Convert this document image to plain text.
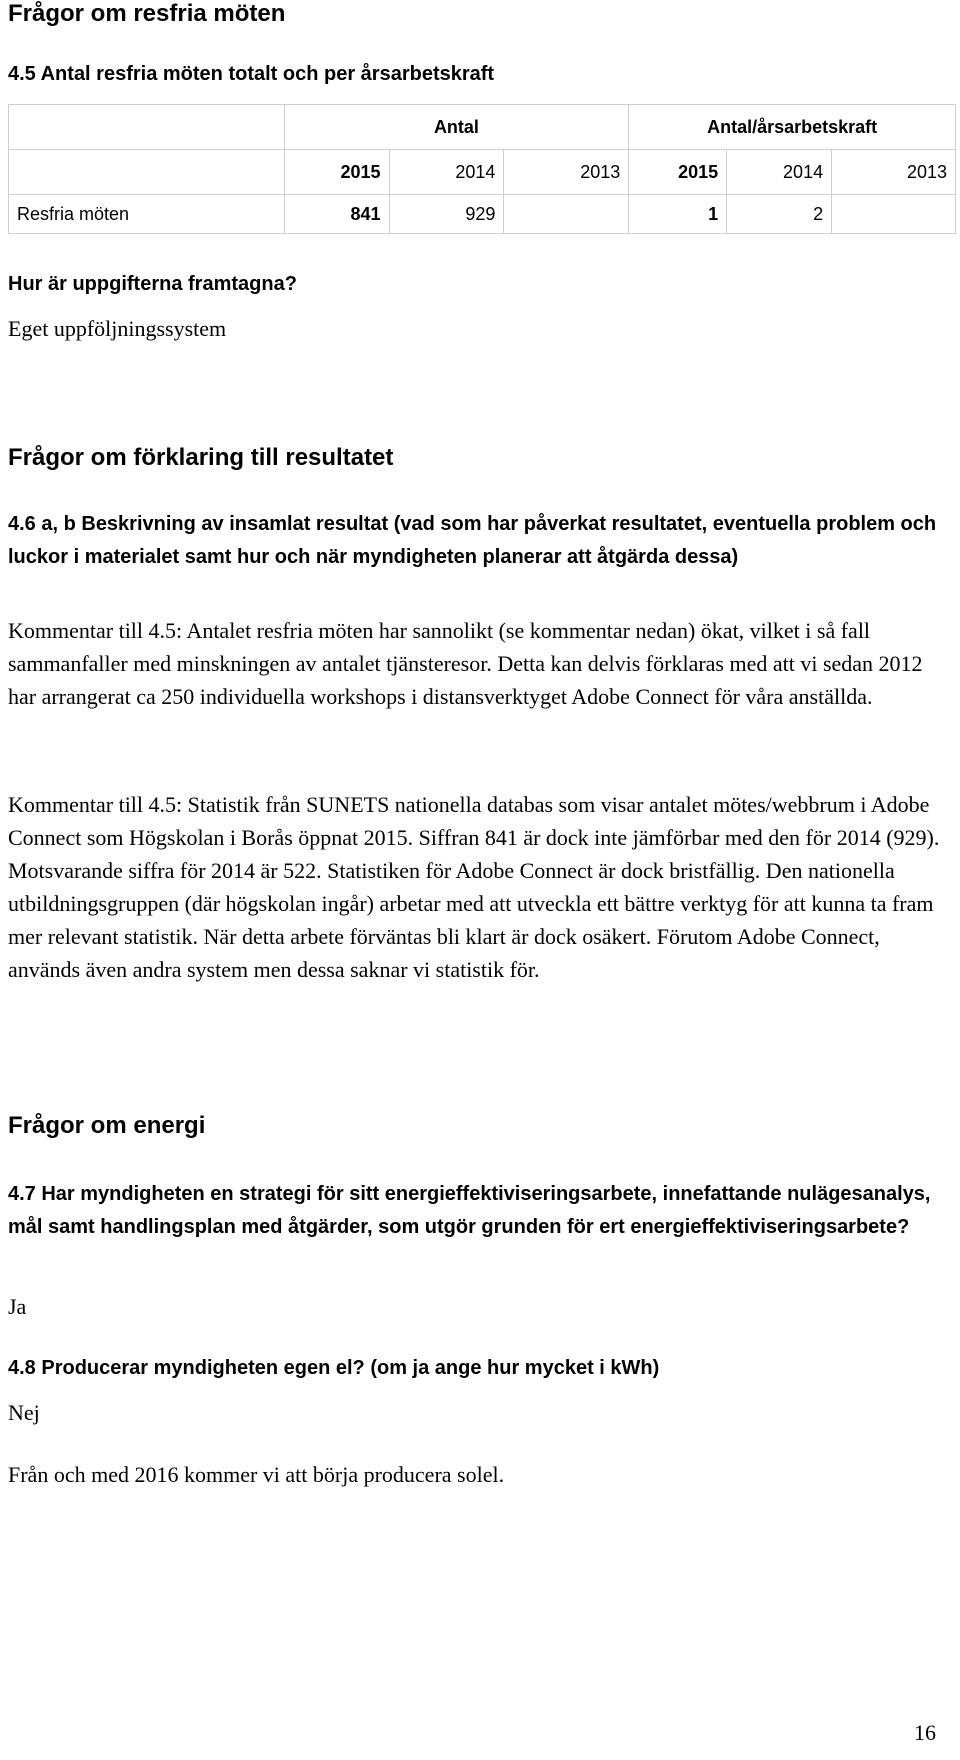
Frågor om resfria möten
4.5 Antal resfria möten totalt och per årsarbetskraft
	Antal			Antal/årsarbetskraft		
	2015	2014	2013	2015	2014	2013
Resfria möten	841	929		1	2	
Hur är uppgifterna framtagna?

Eget uppföljningssystem

Frågor om förklaring till resultatet
4.6 a, b Beskrivning av insamlat resultat (vad som har påverkat resultatet, eventuella problem och luckor i materialet samt hur och när myndigheten planerar att åtgärda dessa)

Kommentar till 4.5: Antalet resfria möten har sannolikt (se kommentar nedan) ökat, vilket i så fall sammanfaller med minskningen av antalet tjänsteresor. Detta kan delvis förklaras med att vi sedan 2012 har arrangerat ca 250 individuella workshops i distansverktyget Adobe Connect för våra anställda.

Kommentar till 4.5: Statistik från SUNETS nationella databas som visar antalet mötes/webbrum i Adobe Connect som Högskolan i Borås öppnat 2015. Siffran 841 är dock inte jämförbar med den för 2014 (929). Motsvarande siffra för 2014 är 522. Statistiken för Adobe Connect är dock bristfällig. Den nationella utbildningsgruppen (där högskolan ingår) arbetar med att utveckla ett bättre verktyg för att kunna ta fram mer relevant statistik. När detta arbete förväntas bli klart är dock osäkert. Förutom Adobe Connect, används även andra system men dessa saknar vi statistik för.

Frågor om energi
4.7 Har myndigheten en strategi för sitt energieffektiviseringsarbete, innefattande nulägesanalys, mål samt handlingsplan med åtgärder, som utgör grunden för ert energieffektiviseringsarbete?

Ja

4.8 Producerar myndigheten egen el? (om ja ange hur mycket i kWh)

Nej

Från och med 2016 kommer vi att börja producera solel.

16
